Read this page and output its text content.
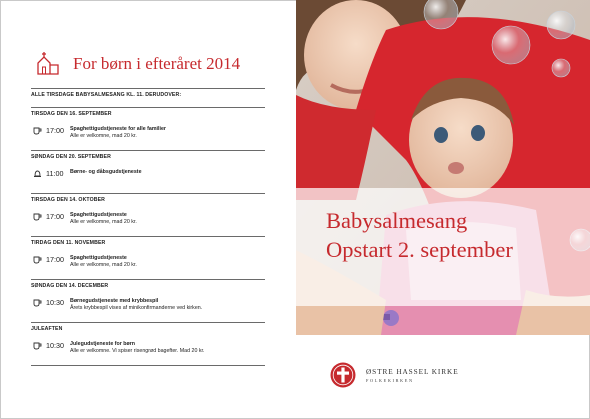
For børn i efteråret 2014
ALLE TIRSDAGE BABYSALMESANG KL. 11. DERUDOVER:
TIRSDAG DEN 16. SEPTEMBER
17:00	Spaghettigudstjeneste for alle familier
Alle er velkomne, mad 20 kr.
SØNDAG DEN 20. SEPTEMBER
11:00	Børne- og dåbsgudstjeneste
TIRSDAG DEN 14. OKTOBER
17:00	Spaghettigudstjeneste
Alle er velkomne, mad 20 kr.
TIRDAG DEN 11. NOVEMBER
17:00	Spaghettigudstjeneste
Alle er velkomne, mad 20 kr.
SØNDAG DEN 14. DECEMBER
10:30	Børnegudstjeneste med krybbespil
Årets krybbespil vises af minikonfirmanderne ved kirken.
JULEAFTEN
10:30	Julegudstjeneste for børn
Alle er velkomne. Vi spiser risengrød bagefter. Mad 20 kr.
Babysalmesang
Opstart 2. september
ØSTRE HASSEL KIRKE
FOLKEKIRKEN
